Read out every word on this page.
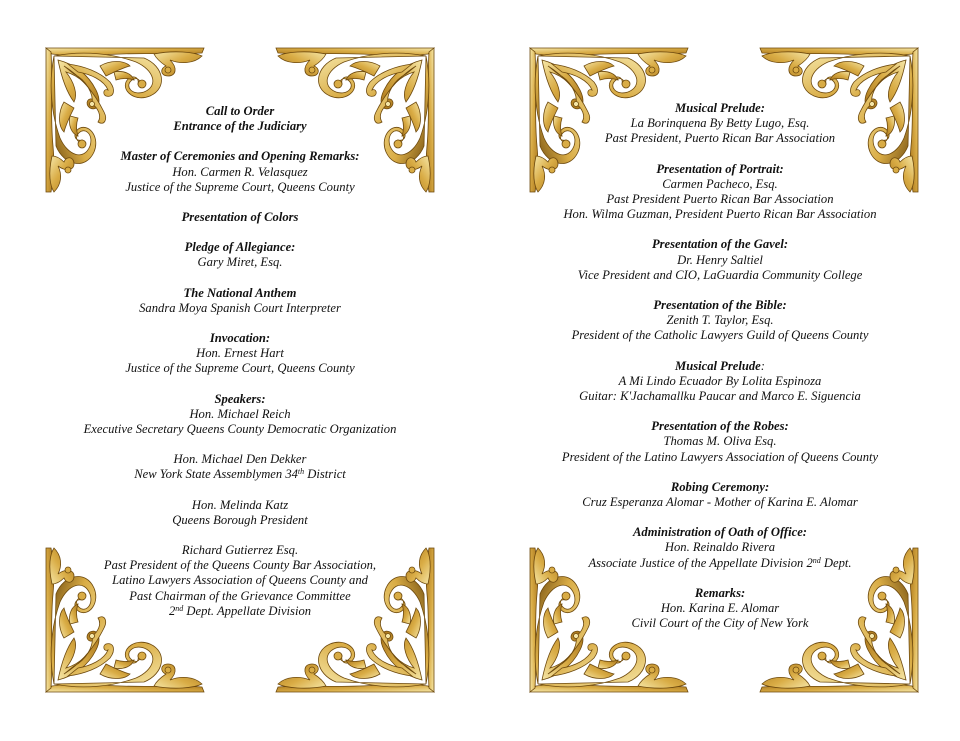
Call to Order
Entrance of the Judiciary
Master of Ceremonies and Opening Remarks:
Hon. Carmen R. Velasquez
Justice of the Supreme Court, Queens County
Presentation of Colors
Pledge of Allegiance:
Gary Miret, Esq.
The National Anthem
Sandra Moya Spanish Court Interpreter
Invocation:
Hon. Ernest Hart
Justice of the Supreme Court, Queens County
Speakers:
Hon. Michael Reich
Executive Secretary Queens County Democratic Organization
Hon. Michael Den Dekker
New York State Assemblymen 34th District
Hon. Melinda Katz
Queens Borough President
Richard Gutierrez Esq.
Past President of the Queens County Bar Association,
Latino Lawyers Association of Queens County and
Past Chairman of the Grievance Committee
2nd Dept. Appellate Division
Musical Prelude:
La Borinquena By Betty Lugo, Esq.
Past President, Puerto Rican Bar Association
Presentation of Portrait:
Carmen Pacheco, Esq.
Past President Puerto Rican Bar Association
Hon. Wilma Guzman, President Puerto Rican Bar Association
Presentation of the Gavel:
Dr. Henry Saltiel
Vice President and CIO, LaGuardia Community College
Presentation of the Bible:
Zenith T. Taylor, Esq.
President of the Catholic Lawyers Guild of Queens County
Musical Prelude:
A Mi Lindo Ecuador By Lolita Espinoza
Guitar: K'Jachamallku Paucar and Marco E. Siguencia
Presentation of the Robes:
Thomas M. Oliva Esq.
President of the Latino Lawyers Association of Queens County
Robing Ceremony:
Cruz Esperanza Alomar - Mother of Karina E. Alomar
Administration of Oath of Office:
Hon. Reinaldo Rivera
Associate Justice of the Appellate Division 2nd Dept.
Remarks:
Hon. Karina E. Alomar
Civil Court of the City of New York
